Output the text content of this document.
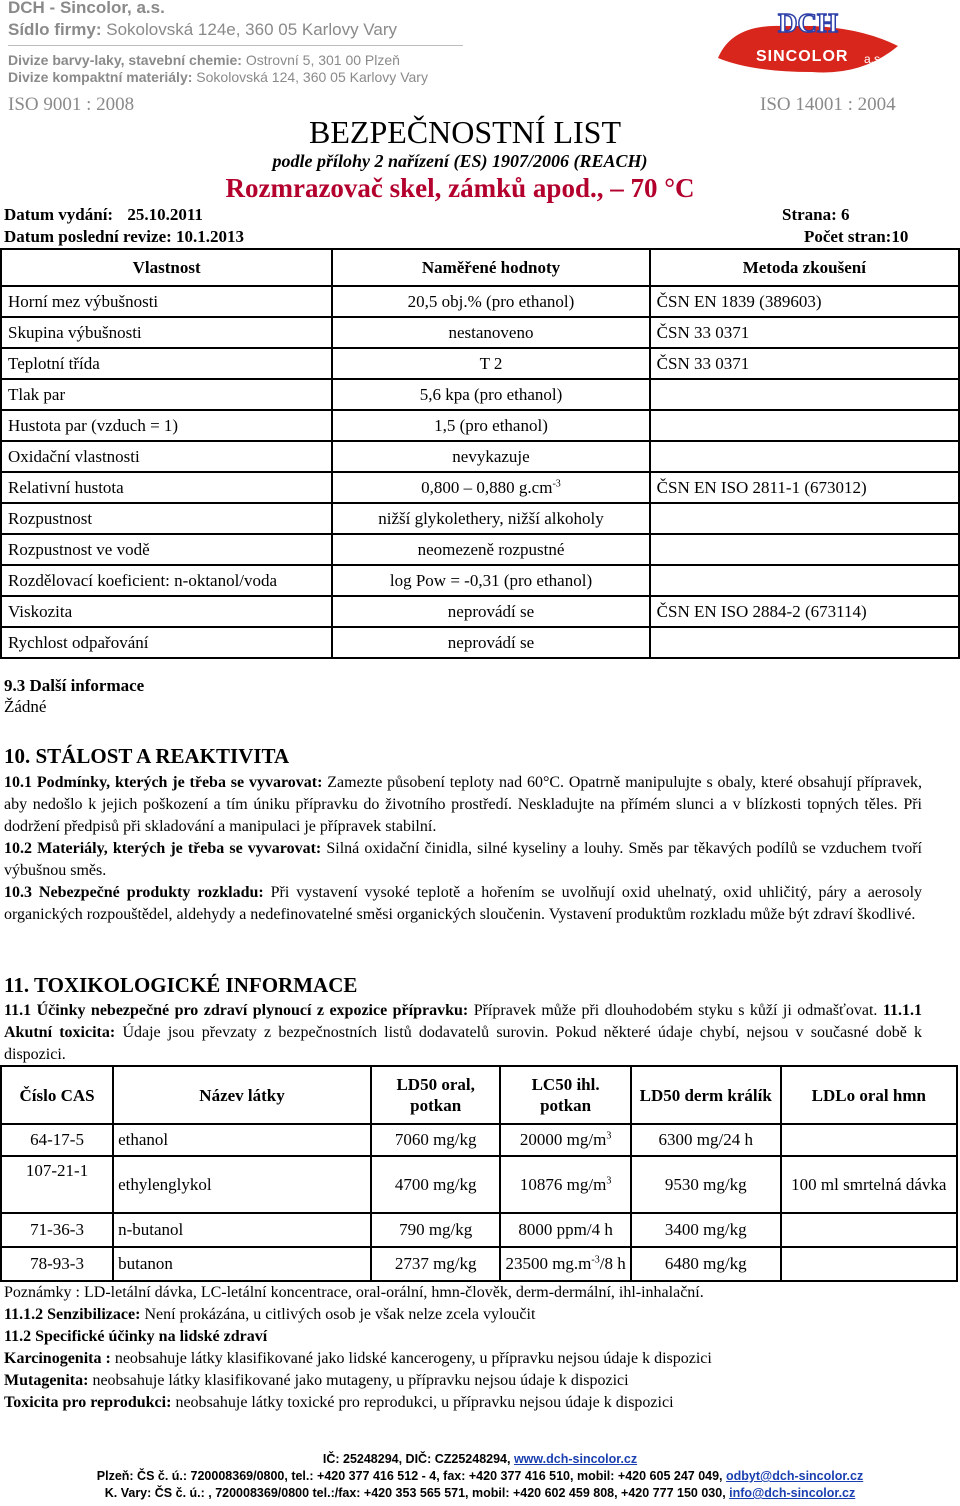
DCH - Sincolor, a.s.
Sídlo firmy: Sokolovská 124e, 360 05 Karlovy Vary
Divize barvy-laky, stavební chemie: Ostrovní 5, 301 00 Plzeň
Divize kompaktní materiály: Sokolovská 124, 360 05 Karlovy Vary
DCH
SINCOLOR a.s.
ISO 9001 : 2008	ISO 14001 : 2004
BEZPEČNOSTNÍ LIST
podle přílohy 2 nařízení (ES) 1907/2006 (REACH)
Rozmrazovač skel, zámků apod., – 70 °C
Datum vydání: 25.10.2011	Strana: 6
Datum poslední revize: 10.1.2013	Počet stran:10
Vlastnost	Naměřené hodnoty	Metoda zkoušení
Horní mez výbušnosti	20,5 obj.% (pro ethanol)	ČSN EN 1839 (389603)
Skupina výbušnosti	nestanoveno	ČSN 33 0371
Teplotní třída	T 2	ČSN 33 0371
Tlak par	5,6 kpa (pro ethanol)	
Hustota par (vzduch = 1)	1,5 (pro ethanol)	
Oxidační vlastnosti	nevykazuje	
Relativní hustota	0,800 – 0,880 $g.cm^{-3}$	ČSN EN ISO 2811-1 (673012)
Rozpustnost	nižší glykolethery, nižší alkoholy	
Rozpustnost ve vodě	neomezeně rozpustné	
Rozdělovací koeficient: n-oktanol/voda	log Pow = -0,31 (pro ethanol)	
Viskozita	neprovádí se	ČSN EN ISO 2884-2 (673114)
Rychlost odpařování	neprovádí se	
9.3 Další informace
Žádné
10. STÁLOST A REAKTIVITA
10.1 Podmínky, kterých je třeba se vyvarovat: Zamezte působení teploty nad 60°C. Opatrně manipulujte s obaly, které obsahují přípravek, aby nedošlo k jejich poškození a tím úniku přípravku do životního prostředí. Neskladujte na přímém slunci a v blízkosti topných těles. Při dodržení předpisů při skladování a manipulaci je přípravek stabilní.
10.2 Materiály, kterých je třeba se vyvarovat: Silná oxidační činidla, silné kyseliny a louhy. Směs par těkavých podílů se vzduchem tvoří výbušnou směs.
10.3 Nebezpečné produkty rozkladu: Při vystavení vysoké teplotě a hořením se uvolňují oxid uhelnatý, oxid uhličitý, páry a aerosoly organických rozpouštědel, aldehydy a nedefinovatelné směsi organických sloučenin. Vystavení produktům rozkladu může být zdraví škodlivé.
11. TOXIKOLOGICKÉ INFORMACE
11.1 Účinky nebezpečné pro zdraví plynoucí z expozice přípravku: Přípravek může při dlouhodobém styku s kůží ji odmašťovat. 11.1.1 Akutní toxicita: Údaje jsou převzaty z bezpečnostních listů dodavatelů surovin. Pokud některé údaje chybí, nejsou v současné době k dispozici.
Číslo CAS	Název látky	LD50 oral, potkan	LC50 ihl. potkan	LD50 derm králík	LDLo oral hmn
64-17-5	ethanol	7060 mg/kg	20000 $mg/m^3$	6300 mg/24 h	
107-21-1	ethylenglykol	4700 mg/kg	10876 $mg/m^3$	9530 mg/kg	100 ml smrtelná dávka
71-36-3	n-butanol	790 mg/kg	8000 ppm/4 h	3400 mg/kg	
78-93-3	butanon	2737 mg/kg	23500 $mg.m^{-3}/8$ h	6480 mg/kg	
Poznámky : LD-letální dávka, LC-letální koncentrace, oral-orální, hmn-člověk, derm-dermální, ihl-inhalační.
11.1.2 Senzibilizace: Není prokázána, u citlivých osob je však nelze zcela vyloučit
11.2 Specifické účinky na lidské zdraví
Karcinogenita : neobsahuje látky klasifikované jako lidské kancerogeny, u přípravku nejsou údaje k dispozici
Mutagenita: neobsahuje látky klasifikované jako mutageny, u přípravku nejsou údaje k dispozici
Toxicita pro reprodukci: neobsahuje látky toxické pro reprodukci, u přípravku nejsou údaje k dispozici
IČ: 25248294, DIČ: CZ25248294, www.dch-sincolor.cz
Plzeň: ČS č. ú.: 720008369/0800, tel.: +420 377 416 512 - 4, fax: +420 377 416 510, mobil: +420 605 247 049, odbyt@dch-sincolor.cz
K. Vary: ČS č. ú.: , 720008369/0800 tel.:/fax: +420 353 565 571, mobil: +420 602 459 808, +420 777 150 030, info@dch-sincolor.cz
